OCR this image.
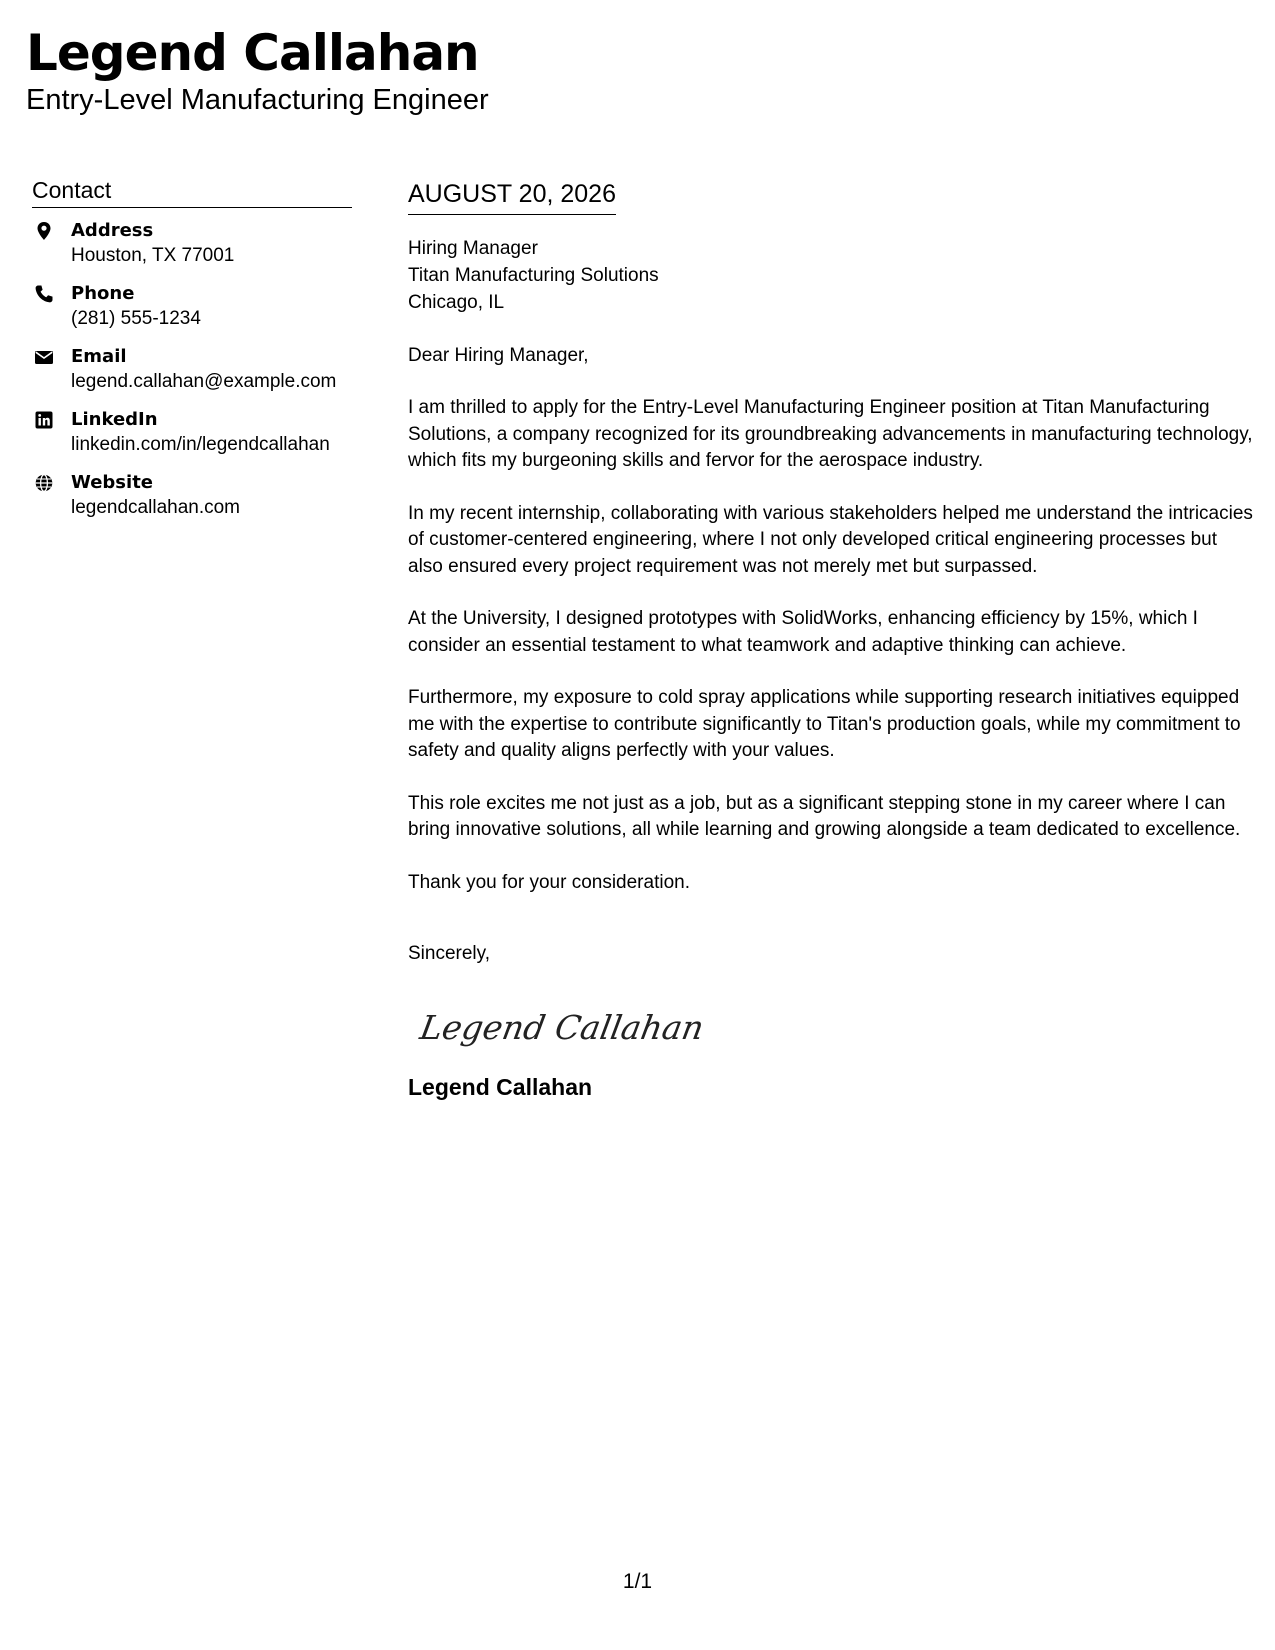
Legend Callahan
Entry-Level Manufacturing Engineer
Contact
Address
Houston, TX 77001
Phone
(281) 555-1234
Email
legend.callahan@example.com
LinkedIn
linkedin.com/in/legendcallahan
Website
legendcallahan.com
AUGUST 20, 2026
Hiring Manager
Titan Manufacturing Solutions
Chicago, IL
Dear Hiring Manager,

I am thrilled to apply for the Entry-Level Manufacturing Engineer position at Titan Manufacturing Solutions, a company recognized for its groundbreaking advancements in manufacturing technology, which fits my burgeoning skills and fervor for the aerospace industry.

In my recent internship, collaborating with various stakeholders helped me understand the intricacies of customer-centered engineering, where I not only developed critical engineering processes but also ensured every project requirement was not merely met but surpassed.

At the University, I designed prototypes with SolidWorks, enhancing efficiency by 15%, which I consider an essential testament to what teamwork and adaptive thinking can achieve.

Furthermore, my exposure to cold spray applications while supporting research initiatives equipped me with the expertise to contribute significantly to Titan's production goals, while my commitment to safety and quality aligns perfectly with your values.

This role excites me not just as a job, but as a significant stepping stone in my career where I can bring innovative solutions, all while learning and growing alongside a team dedicated to excellence.

Thank you for your consideration.

Sincerely,
Legend Callahan
Legend Callahan
1/1
